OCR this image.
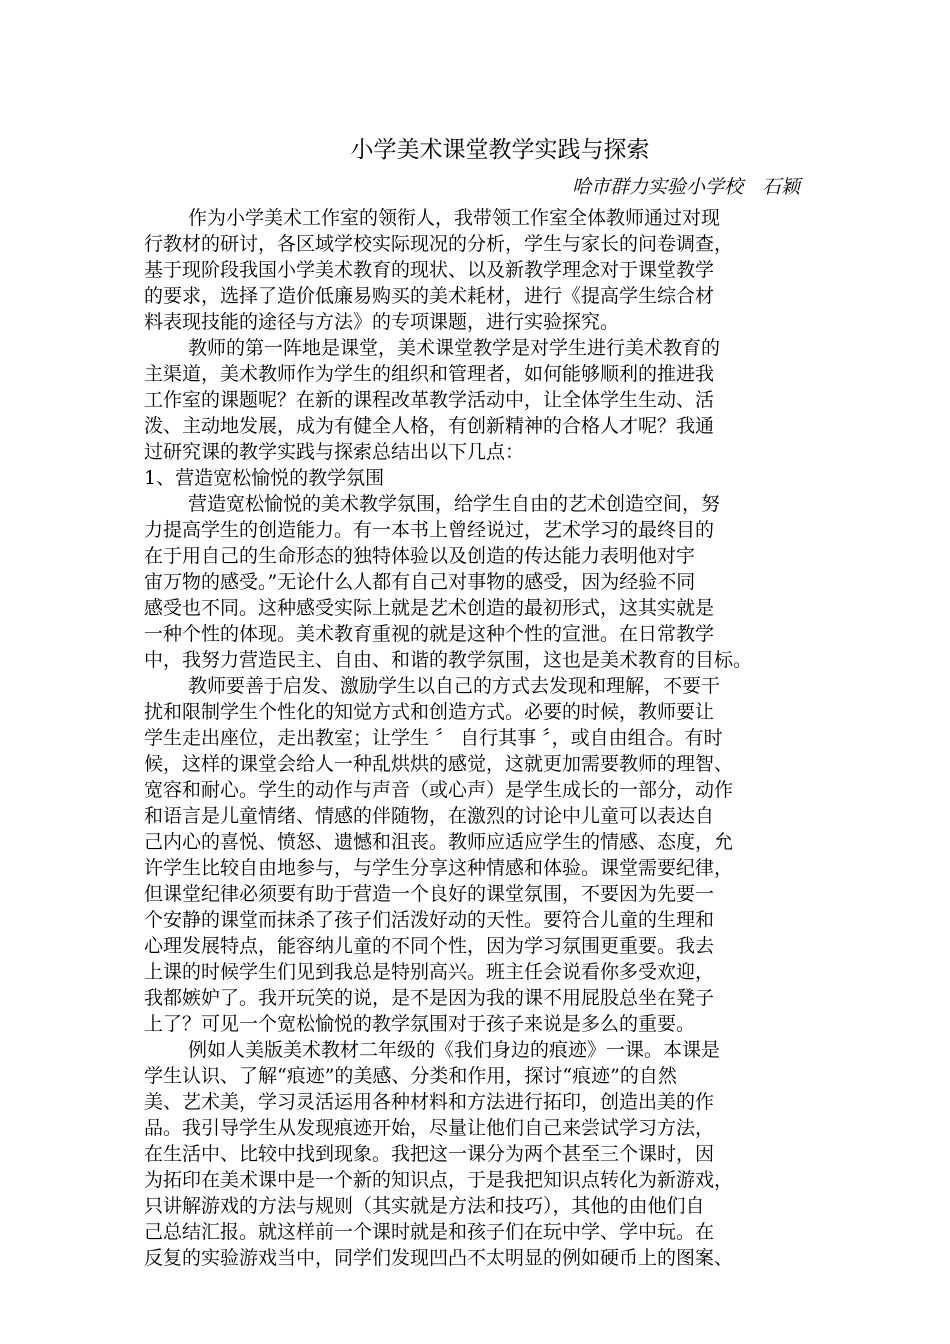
小学美术课堂教学实践与探索
哈市群力实验小学校　石颖
作为小学美术工作室的领衔人，我带领工作室全体教师通过对现
行教材的研讨，各区域学校实际现况的分析，学生与家长的问卷调查，
基于现阶段我国小学美术教育的现状、以及新教学理念对于课堂教学
的要求，选择了造价低廉易购买的美术耗材，进行《提高学生综合材
料表现技能的途径与方法》的专项课题，进行实验探究。
教师的第一阵地是课堂，美术课堂教学是对学生进行美术教育的
主渠道，美术教师作为学生的组织和管理者，如何能够顺利的推进我
工作室的课题呢？在新的课程改革教学活动中，让全体学生生动、活
泼、主动地发展，成为有健全人格，有创新精神的合格人才呢？我通
过研究课的教学实践与探索总结出以下几点：
1、营造宽松愉悦的教学氛围
营造宽松愉悦的美术教学氛围，给学生自由的艺术创造空间，努
力提高学生的创造能力。有一本书上曾经说过，艺术学习的最终目的
在于用自己的生命形态的独特体验以及创造的传达能力表明他对宇
宙万物的感受。”无论什么人都有自己对事物的感受，因为经验不同
感受也不同。这种感受实际上就是艺术创造的最初形式，这其实就是
一种个性的体现。美术教育重视的就是这种个性的宣泄。在日常教学
中，我努力营造民主、自由、和谐的教学氛围，这也是美术教育的目标。
教师要善于启发、激励学生以自己的方式去发现和理解，不要干
扰和限制学生个性化的知觉方式和创造方式。必要的时候，教师要让
学生走出座位，走出教室；让学生 〞 自行其事 〞，或自由组合。有时
候，这样的课堂会给人一种乱烘烘的感觉，这就更加需要教师的理智、
宽容和耐心。学生的动作与声音（或心声）是学生成长的一部分，动作
和语言是儿童情绪、情感的伴随物，在激烈的讨论中儿童可以表达自
己内心的喜悦、愤怒、遗憾和沮丧。教师应适应学生的情感、态度，允
许学生比较自由地参与，与学生分享这种情感和体验。课堂需要纪律，
但课堂纪律必须要有助于营造一个良好的课堂氛围，不要因为先要一
个安静的课堂而抹杀了孩子们活泼好动的天性。要符合儿童的生理和
心理发展特点，能容纳儿童的不同个性，因为学习氛围更重要。我去
上课的时候学生们见到我总是特别高兴。班主任会说看你多受欢迎，
我都嫉妒了。我开玩笑的说，是不是因为我的课不用屁股总坐在凳子
上了？可见一个宽松愉悦的教学氛围对于孩子来说是多么的重要。
例如人美版美术教材二年级的《我们身边的痕迹》一课。本课是
学生认识、了解“痕迹”的美感、分类和作用，探讨“痕迹”的自然
美、艺术美，学习灵活运用各种材料和方法进行拓印，创造出美的作
品。我引导学生从发现痕迹开始，尽量让他们自己来尝试学习方法，
在生活中、比较中找到现象。我把这一课分为两个甚至三个课时，因
为拓印在美术课中是一个新的知识点，于是我把知识点转化为新游戏，
只讲解游戏的方法与规则（其实就是方法和技巧），其他的由他们自
己总结汇报。就这样前一个课时就是和孩子们在玩中学、学中玩。在
反复的实验游戏当中，同学们发现凹凸不太明显的例如硬币上的图案、
